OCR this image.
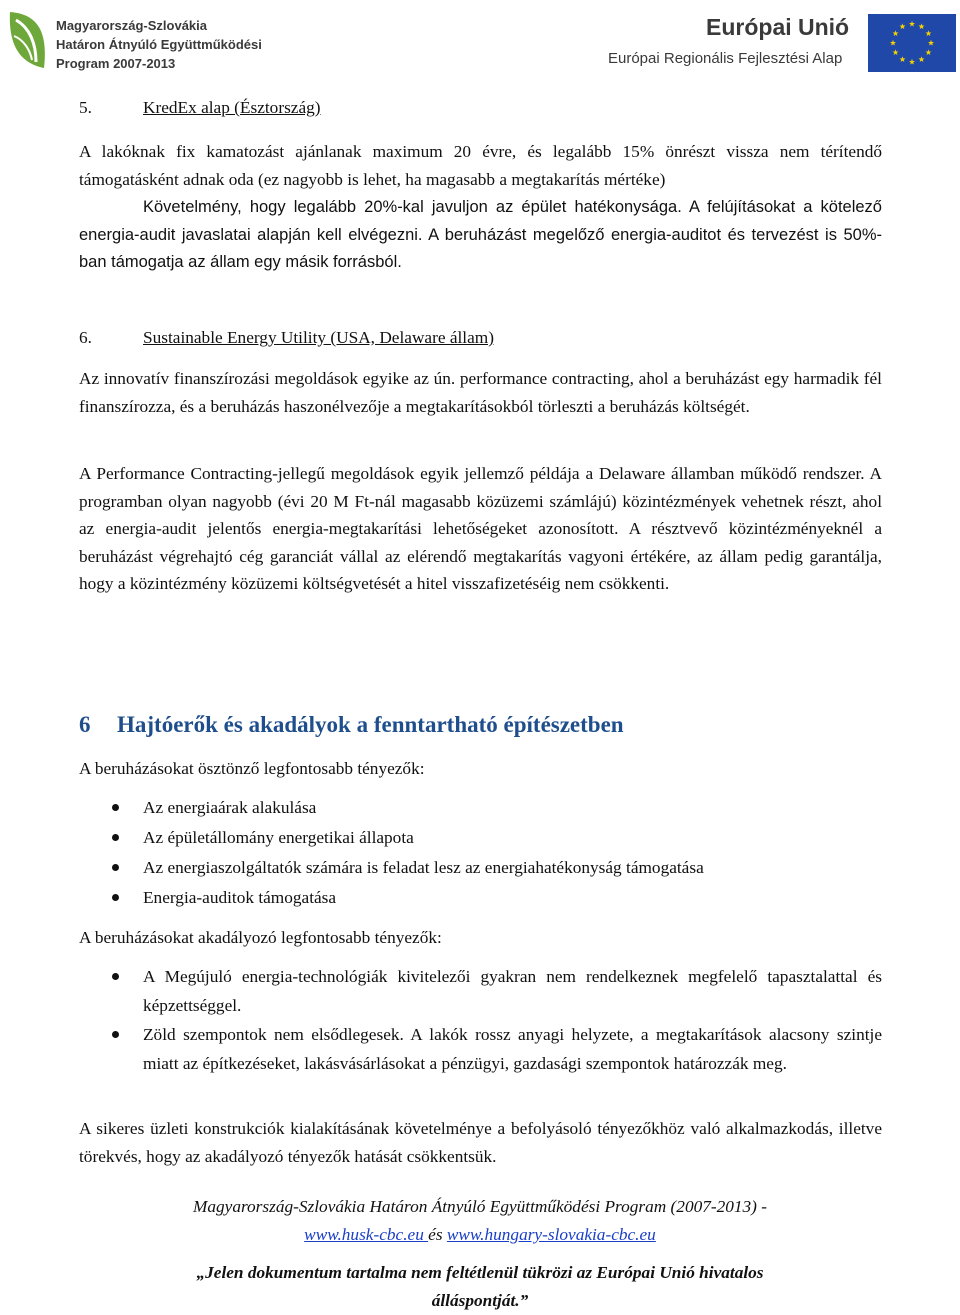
Magyarország-Szlovákia
Határon Átnyúló Együttműködési
Program 2007-2013
Európai Unió
Európai Regionális Fejlesztési Alap
5.	KredEx alap (Észtország)
A lakóknak fix kamatozást ajánlanak maximum 20 évre, és legalább 15% önrészt vissza nem térítendő támogatásként adnak oda (ez nagyobb is lehet, ha magasabb a megtakarítás mértéke)
Követelmény, hogy legalább 20%-kal javuljon az épület hatékonysága. A felújításokat a kötelező energia-audit javaslatai alapján kell elvégezni. A beruházást megelőző energia-auditot és tervezést is 50%-ban támogatja az állam egy másik forrásból.
6.	Sustainable Energy Utility (USA, Delaware állam)
Az innovatív finanszírozási megoldások egyike az ún. performance contracting, ahol a beruházást egy harmadik fél finanszírozza, és a beruházás haszonélvezője a megtakarításokból törleszti a beruházás költségét.
A Performance Contracting-jellegű megoldások egyik jellemző példája a Delaware államban működő rendszer. A programban olyan nagyobb (évi 20 M Ft-nál magasabb közüzemi számlájú) közintézmények vehetnek részt, ahol az energia-audit jelentős energia-megtakarítási lehetőségeket azonosított. A résztvevő közintézményeknél a beruházást végrehajtó cég garanciát vállal az elérendő megtakarítás vagyoni értékére, az állam pedig garantálja, hogy a közintézmény közüzemi költségvetését a hitel visszafizetéséig nem csökkenti.
6 Hajtóerők és akadályok a fenntartható építészetben
A beruházásokat ösztönző legfontosabb tényezők:
Az energiaárak alakulása
Az épületállomány energetikai állapota
Az energiaszolgáltatók számára is feladat lesz az energiahatékonyság támogatása
Energia-auditok támogatása
A beruházásokat akadályozó legfontosabb tényezők:
A Megújuló energia-technológiák kivitelezői gyakran nem rendelkeznek megfelelő tapasztalattal és képzettséggel.
Zöld szempontok nem elsődlegesek. A lakók rossz anyagi helyzete, a megtakarítások alacsony szintje miatt az építkezéseket, lakásvásárlásokat a pénzügyi, gazdasági szempontok határozzák meg.
A sikeres üzleti konstrukciók kialakításának követelménye a befolyásoló tényezőkhöz való alkalmazkodás, illetve törekvés, hogy az akadályozó tényezők hatását csökkentsük.
Magyarország-Szlovákia Határon Átnyúló Együttműködési Program (2007-2013) -
www.husk-cbc.eu és www.hungary-slovakia-cbc.eu
„Jelen dokumentum tartalma nem feltétlenül tükrözi az Európai Unió hivatalos
álláspontját.”
